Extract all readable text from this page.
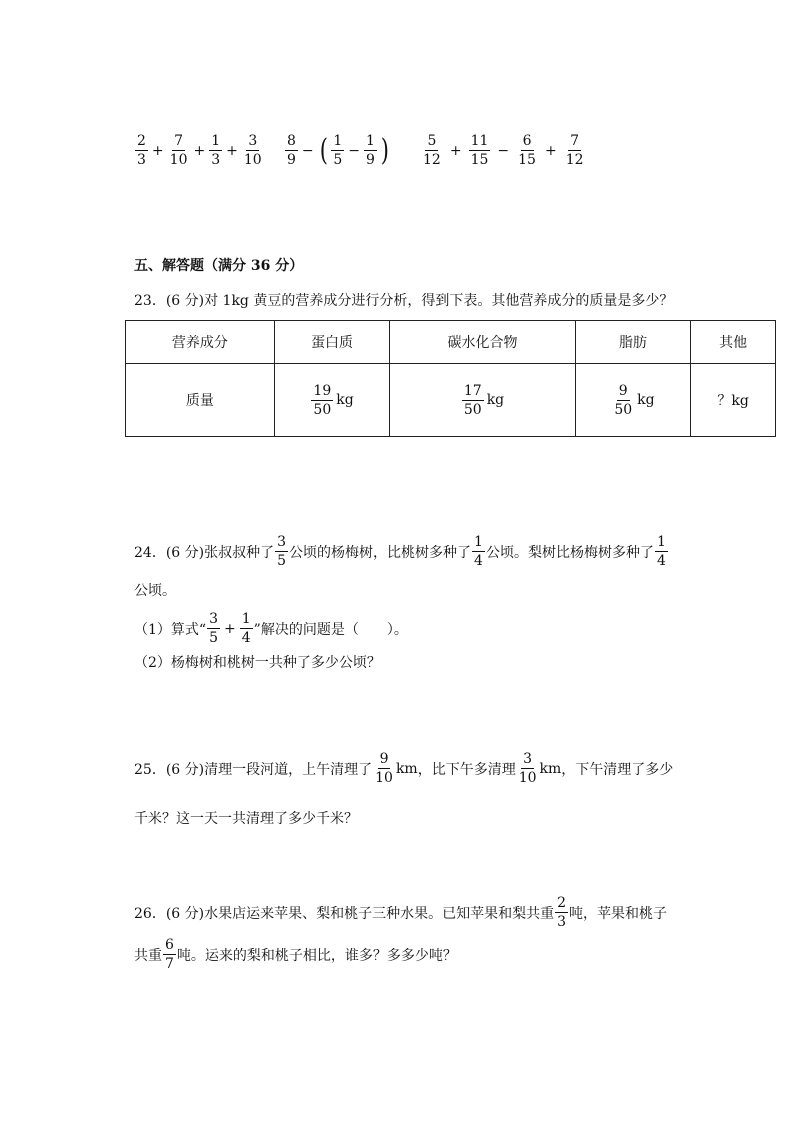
$\frac{2}{3} + \frac{7}{10} + \frac{1}{3} + \frac{3}{10} \frac{8}{9}$ − ( $\frac{1}{5} - \frac{1}{9}$ ) $\frac{5}{12} + \frac{11}{15} - \frac{6}{15} + \frac{7}{12}$
五、解答题（满分 36 分）
23．(6 分)对 1kg 黄豆的营养成分进行分析，得到下表。其他营养成分的质量是多少？
营养成分	蛋白质	碳水化合物	脂肪	其他
质量	$\frac{19}{50}$ kg	$\frac{17}{50}$ kg	$\frac{9}{50}$ kg	？kg
24．(6 分)张叔叔种了 $\frac{3}{5}$ 公顷的杨梅树，比桃树多种了 $\frac{1}{4}$ 公顷。梨树比杨梅树多种了 $\frac{1}{4}$
公顷。
（1）算式“ $\frac{3}{5} + \frac{1}{4}$ ”解决的问题是（　　）。
（2）杨梅树和桃树一共种了多少公顷？
25．(6 分)清理一段河道，上午清理了 $\frac{9}{10}$ km ，比下午多清理 $\frac{3}{10}$ km ，下午清理了多少
千米？这一天一共清理了多少千米？
26．(6 分)水果店运来苹果、梨和桃子三种水果。已知苹果和梨共重 $\frac{2}{3}$ 吨，苹果和桃子
共重 $\frac{6}{7}$ 吨。运来的梨和桃子相比，谁多？多多少吨？
